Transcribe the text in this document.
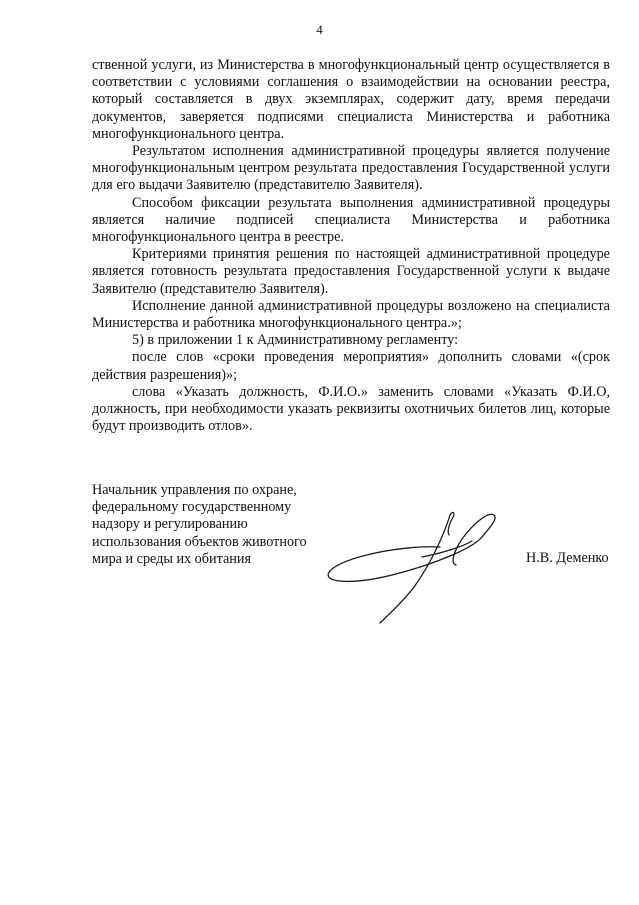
4

ственной услуги, из Министерства в многофункциональный центр осуществляется в соответствии с условиями соглашения о взаимодействии на основании реестра, который составляется в двух экземплярах, содержит дату, время передачи документов, заверяется подписями специалиста Министерства и работника многофункционального центра.

Результатом исполнения административной процедуры является получение многофункциональным центром результата предоставления Государственной услуги для его выдачи Заявителю (представителю Заявителя).

Способом фиксации результата выполнения административной процедуры является наличие подписей специалиста Министерства и работника многофункционального центра в реестре.

Критериями принятия решения по настоящей административной процедуре является готовность результата предоставления Государственной услуги к выдаче Заявителю (представителю Заявителя).

Исполнение данной административной процедуры возложено на специалиста Министерства и работника многофункционального центра.»;

5) в приложении 1 к Административному регламенту:

после слов «сроки проведения мероприятия» дополнить словами «(срок действия разрешения)»;

слова «Указать должность, Ф.И.О.» заменить словами «Указать Ф.И.О, должность, при необходимости указать реквизиты охотничьих билетов лиц, которые будут производить отлов».

Начальник управления по охране,
федеральному государственному
надзору и регулированию
использования объектов животного
мира и среды их обитания	Н.В. Деменко
